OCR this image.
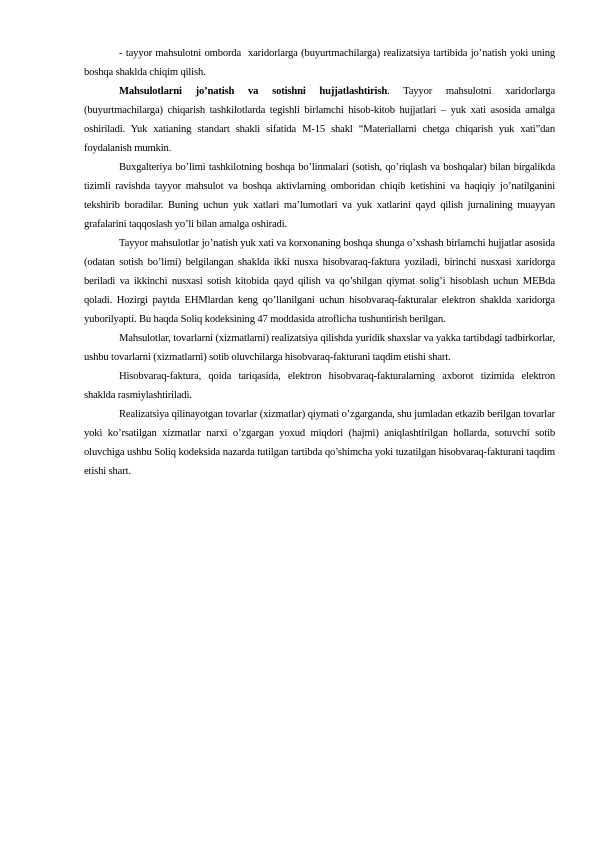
- tayyor mahsulotni omborda  xaridorlarga (buyurtmachilarga) realizatsiya tartibida jo’natish yoki uning boshqa shaklda chiqim qilish.

Mahsulotlarni jo’natish va sotishni hujjatlashtirish. Tayyor mahsulotni xaridorlarga (buyurtmachilarga) chiqarish tashkilotlarda tegishli birlamchi hisob-kitob hujjatlari – yuk xati asosida amalga oshiriladi. Yuk xatianing standart shakli sifatida M-15 shakl “Materiallarni chetga chiqarish yuk xati”dan foydalanish mumkin.

Buxgalteriya bo’limi tashkilotning boshqa bo’linmalari (sotish, qo’riqlash va boshqalar) bilan birgalikda tizimli ravishda tayyor mahsulot va boshqa aktivlarning omboridan chiqib ketishini va haqiqiy jo’natilganini tekshirib boradilar. Buning uchun yuk xatlari ma’lumotlari va yuk xatlarini qayd qilish jurnalining muayyan grafalarini taqqoslash yo’li bilan amalga oshiradi.

Tayyor mahsulotlar jo’natish yuk xati va korxonaning boshqa shunga o’xshash birlamchi hujjatlar asosida (odatan sotish bo’limi) belgilangan shaklda ikki nusxa hisobvaraq-faktura yoziladi, birinchi nusxasi xaridorga beriladi va ikkinchi nusxasi sotish kitobida qayd qilish va qo’shilgan qiymat solig’i hisoblash uchun MEBda qoladi. Hozirgi paytda EHMlardan keng qo’llanilgani uchun hisobvaraq-fakturalar elektron shaklda xaridorga yuborilyapti. Bu haqda Soliq kodeksining 47 moddasida atroflicha tushuntirish berilgan.

Mahsulotlar, tovarlarni (xizmatlarni) realizatsiya qilishda yuridik shaxslar va yakka tartibdagi tadbirkorlar, ushbu tovarlarni (xizmatlarni) sotib oluvchilarga hisobvaraq-fakturani taqdim etishi shart.

Hisobvaraq-faktura, qoida tariqasida, elektron hisobvaraq-fakturalarning axborot tizimida elektron shaklda rasmiylashtiriladi.

Realizatsiya qilinayotgan tovarlar (xizmatlar) qiymati o’zgarganda, shu jumladan etkazib berilgan tovarlar yoki ko’rsatilgan xizmatlar narxi o’zgargan yoxud miqdori (hajmi) aniqlashtirilgan hollarda, sotuvchi sotib oluvchiga ushbu Soliq kodeksida nazarda tutilgan tartibda qo’shimcha yoki tuzatilgan hisobvaraq-fakturani taqdim etishi shart.
